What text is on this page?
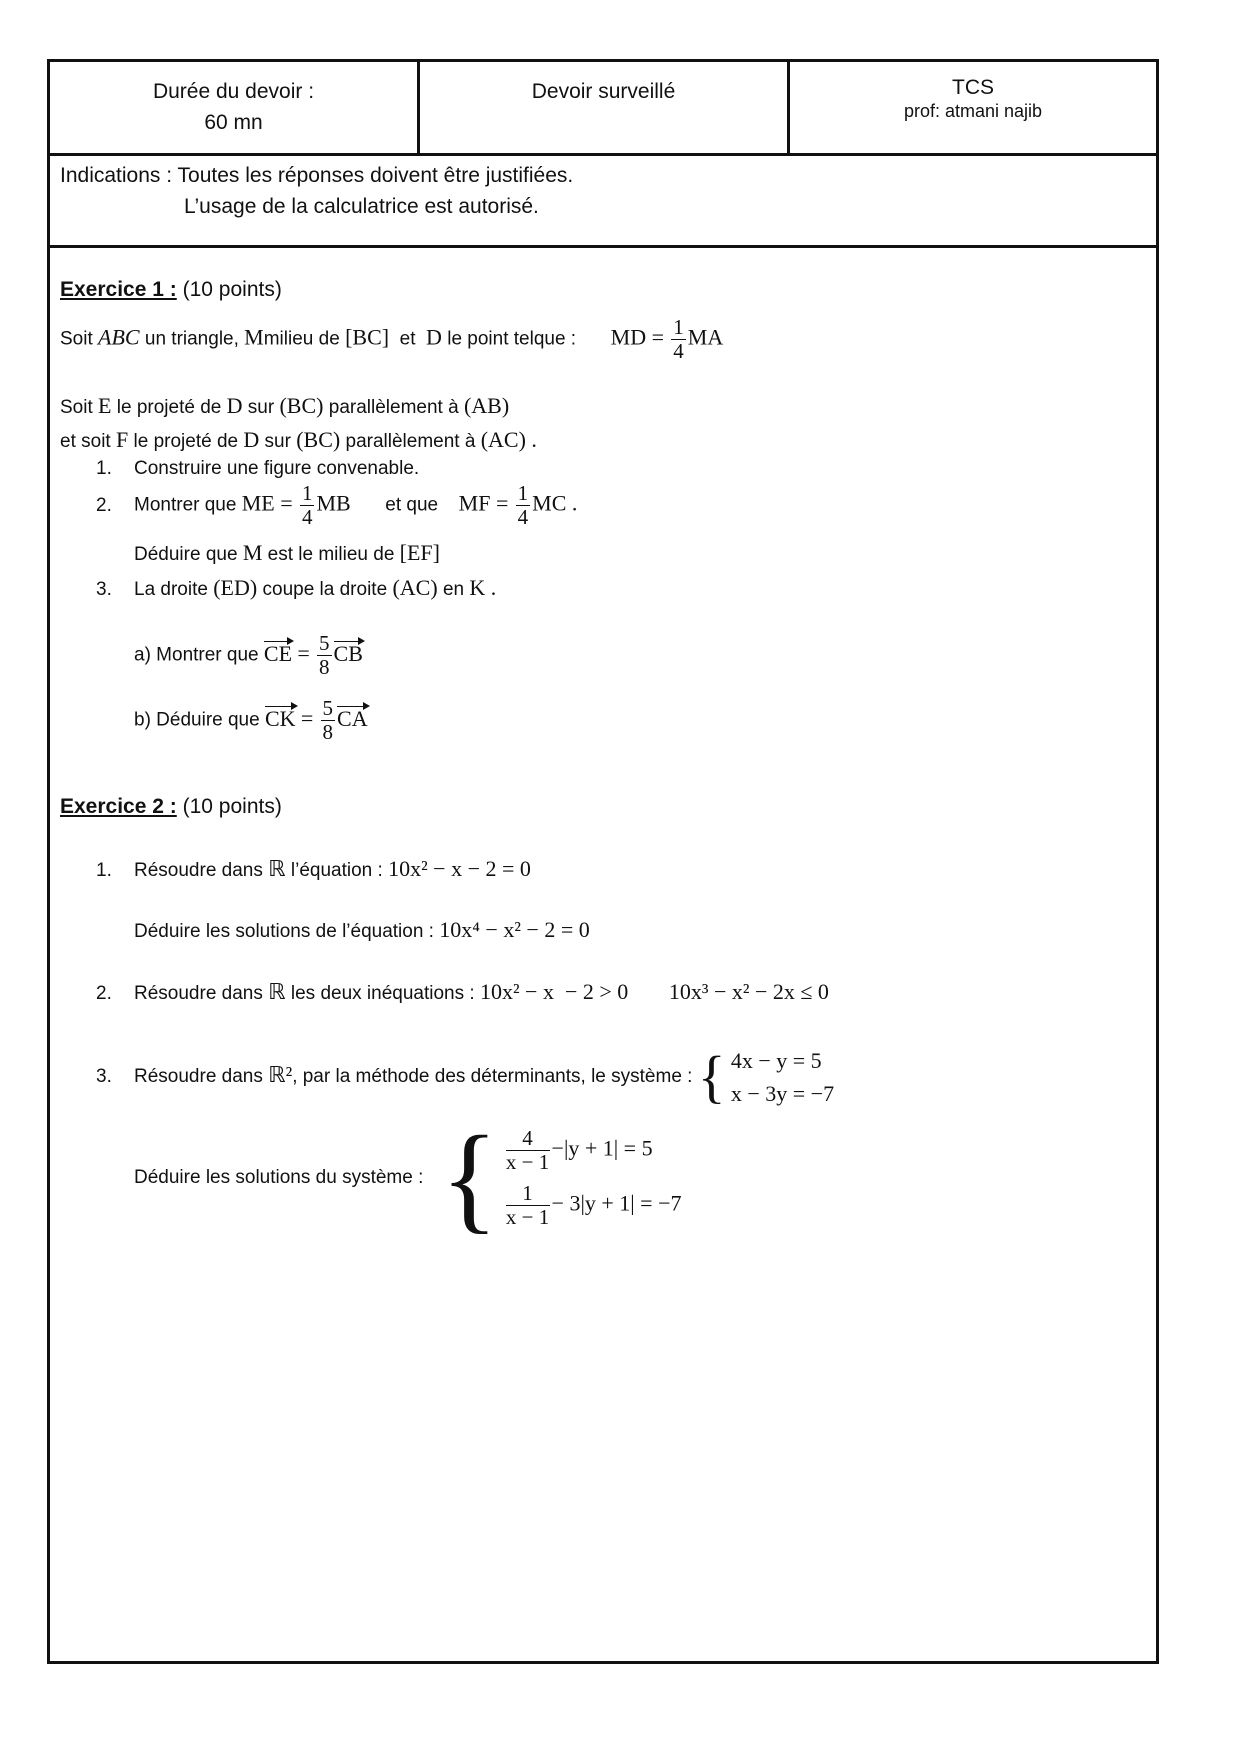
Durée du devoir :
60 mn
Devoir surveillé	TCS
prof: atmani najib
Indications : Toutes les réponses doivent être justifiées.
L’usage de la calculatrice est autorisé.
Exercice 1 : (10 points)
Soit ABC un triangle, Mmilieu de [BC] et D le point telque : MD = $\frac{1}{4}$ MA
Soit E le projeté de D sur (BC) parallèlement à (AB)
et soit F le projeté de D sur (BC) parallèlement à (AC) .
1. Construire une figure convenable.
2. Montrer que ME = $\frac{1}{4}$ MB et que MF = $\frac{1}{4}$ MC .
Déduire que M est le milieu de [EF]
3. La droite (ED) coupe la droite (AC) en K .
a) Montrer que CE = $\frac{5}{8}$ CB
b) Déduire que CK = $\frac{5}{8}$ CA
Exercice 2 : (10 points)
1. Résoudre dans ℝ l’équation : 10x² − x − 2 = 0
Déduire les solutions de l’équation : 10x⁴ − x² − 2 = 0
2. Résoudre dans ℝ les deux inéquations : 10x² − x  − 2 > 0 10x³ − x² − 2x ≤ 0
3. Résoudre dans ℝ², par la méthode des déterminants, le système : { 4x − y = 5
x − 3y = −7
Déduire les solutions du système : { $\frac{4}{x - 1} -|y + 1| = 5$
$\frac{1}{x - 1} - 3|y + 1| = -7$
